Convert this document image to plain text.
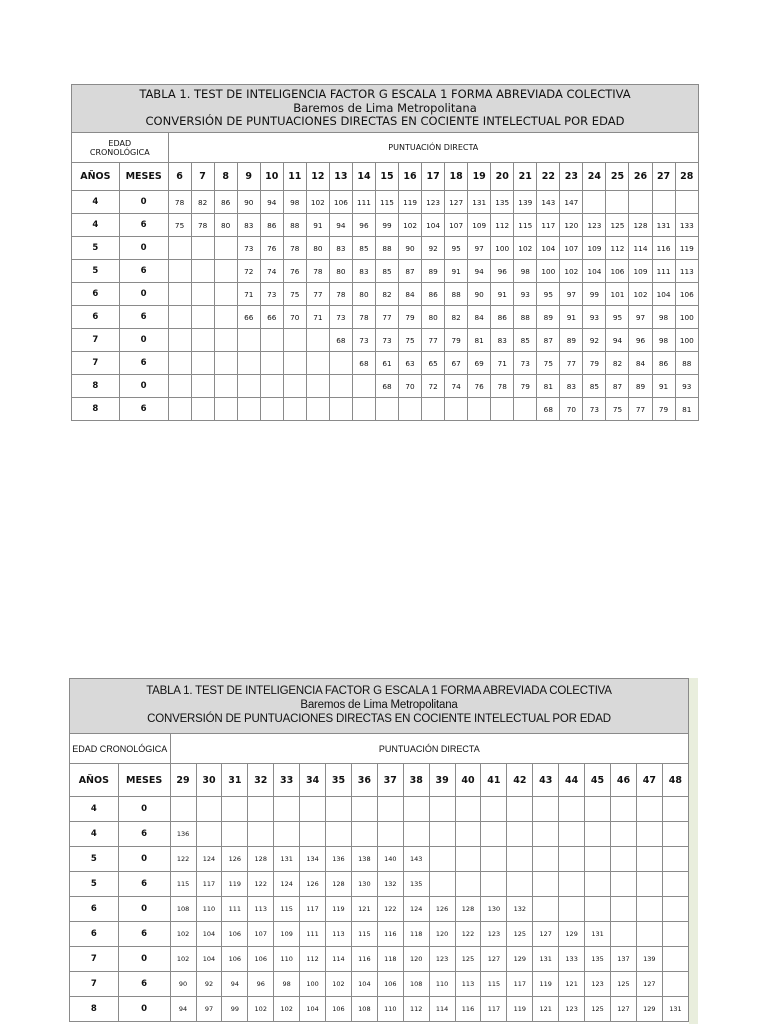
TABLA 1. TEST DE INTELIGENCIA FACTOR G ESCALA 1 FORMA ABREVIADA COLECTIVA
Baremos de Lima Metropolitana
CONVERSIÓN DE PUNTUACIONES DIRECTAS EN COCIENTE INTELECTUAL POR EDAD																								

EDAD
CRONOLÓGICA		PUNTUACIÓN DIRECTA																						
AÑOS	MESES	6	7	8	9	10	11	12	13	14	15	16	17	18	19	20	21	22	23	24	25	26	27	28
4	0	78	82	86	90	94	98	102	106	111	115	119	123	127	131	135	139	143	147					
4	6	75	78	80	83	86	88	91	94	96	99	102	104	107	109	112	115	117	120	123	125	128	131	133
5	0				73	76	78	80	83	85	88	90	92	95	97	100	102	104	107	109	112	114	116	119
5	6				72	74	76	78	80	83	85	87	89	91	94	96	98	100	102	104	106	109	111	113
6	0				71	73	75	77	78	80	82	84	86	88	90	91	93	95	97	99	101	102	104	106
6	6				66	66	70	71	73	78	77	79	80	82	84	86	88	89	91	93	95	97	98	100
7	0								68	73	73	75	77	79	81	83	85	87	89	92	94	96	98	100
7	6									68	61	63	65	67	69	71	73	75	77	79	82	84	86	88
8	0										68	70	72	74	76	78	79	81	83	85	87	89	91	93
8	6																	68	70	73	75	77	79	81
TABLA 1. TEST DE INTELIGENCIA FACTOR G ESCALA 1 FORMA ABREVIADA COLECTIVA
Baremos de Lima Metropolitana
CONVERSIÓN DE PUNTUACIONES DIRECTAS EN COCIENTE INTELECTUAL POR EDAD																					

EDAD CRONOLÓGICA		PUNTUACIÓN DIRECTA																			
AÑOS	MESES	29	30	31	32	33	34	35	36	37	38	39	40	41	42	43	44	45	46	47	48
4	0																				
4	6	136																			
5	0	122	124	126	128	131	134	136	138	140	143										
5	6	115	117	119	122	124	126	128	130	132	135										
6	0	108	110	111	113	115	117	119	121	122	124	126	128	130	132						
6	6	102	104	106	107	109	111	113	115	116	118	120	122	123	125	127	129	131			
7	0	102	104	106	106	110	112	114	116	118	120	123	125	127	129	131	133	135	137	139	
7	6	90	92	94	96	98	100	102	104	106	108	110	113	115	117	119	121	123	125	127	
8	0	94	97	99	102	102	104	106	108	110	112	114	116	117	119	121	123	125	127	129	131
